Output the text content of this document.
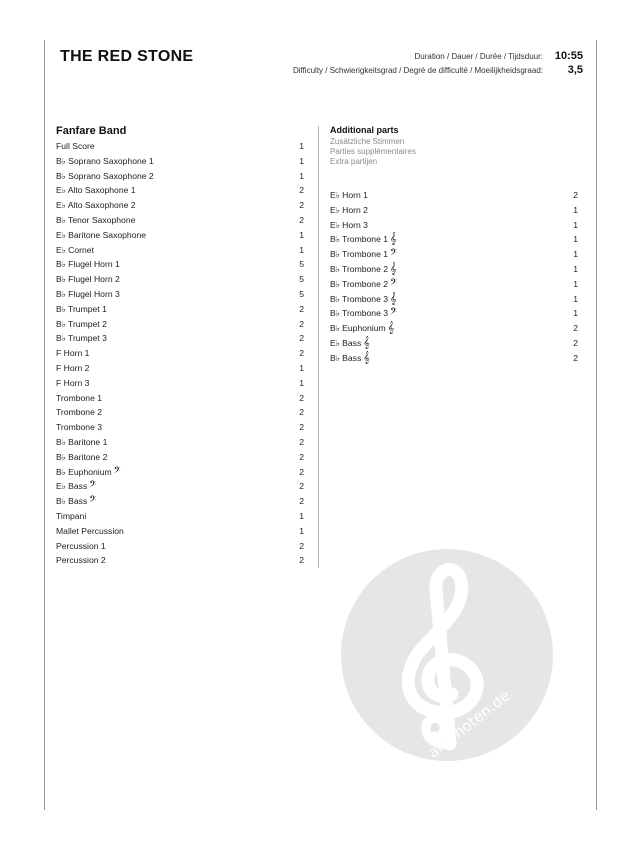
THE RED STONE	Duration / Dauer / Durée / Tijdsduur: 10:55
Difficulty / Schwierigkeitsgrad / Degré de difficulté / Moeilijkheidsgraad: 3,5
Fanfare Band
Full Score	1
B♭ Soprano Saxophone 1	1
B♭ Soprano Saxophone 2	1
E♭ Alto Saxophone 1	2
E♭ Alto Saxophone 2	2
B♭ Tenor Saxophone	2
E♭ Baritone Saxophone	1
E♭ Cornet	1
B♭ Flugel Horn 1	5
B♭ Flugel Horn 2	5
B♭ Flugel Horn 3	5
B♭ Trumpet 1	2
B♭ Trumpet 2	2
B♭ Trumpet 3	2
F Horn 1	2
F Horn 2	1
F Horn 3	1
Trombone 1	2
Trombone 2	2
Trombone 3	2
B♭ Baritone 1	2
B♭ Baritone 2	2
B♭ Euphonium 𝄢	2
E♭ Bass 𝄢	2
B♭ Bass 𝄢	2
Timpani	1
Mallet Percussion	1
Percussion 1	2
Percussion 2	2
Additional parts
Zusätzliche Stimmen
Parties supplémentaires
Extra partijen
E♭ Horn 1	2
E♭ Horn 2	1
E♭ Horn 3	1
B♭ Trombone 1 𝄞	1
B♭ Trombone 1 𝄢	1
B♭ Trombone 2 𝄞	1
B♭ Trombone 2 𝄢	1
B♭ Trombone 3 𝄞	1
B♭ Trombone 3 𝄢	1
B♭ Euphonium 𝄞	2
E♭ Bass 𝄞	2
B♭ Bass 𝄞	2
alle-noten.de
